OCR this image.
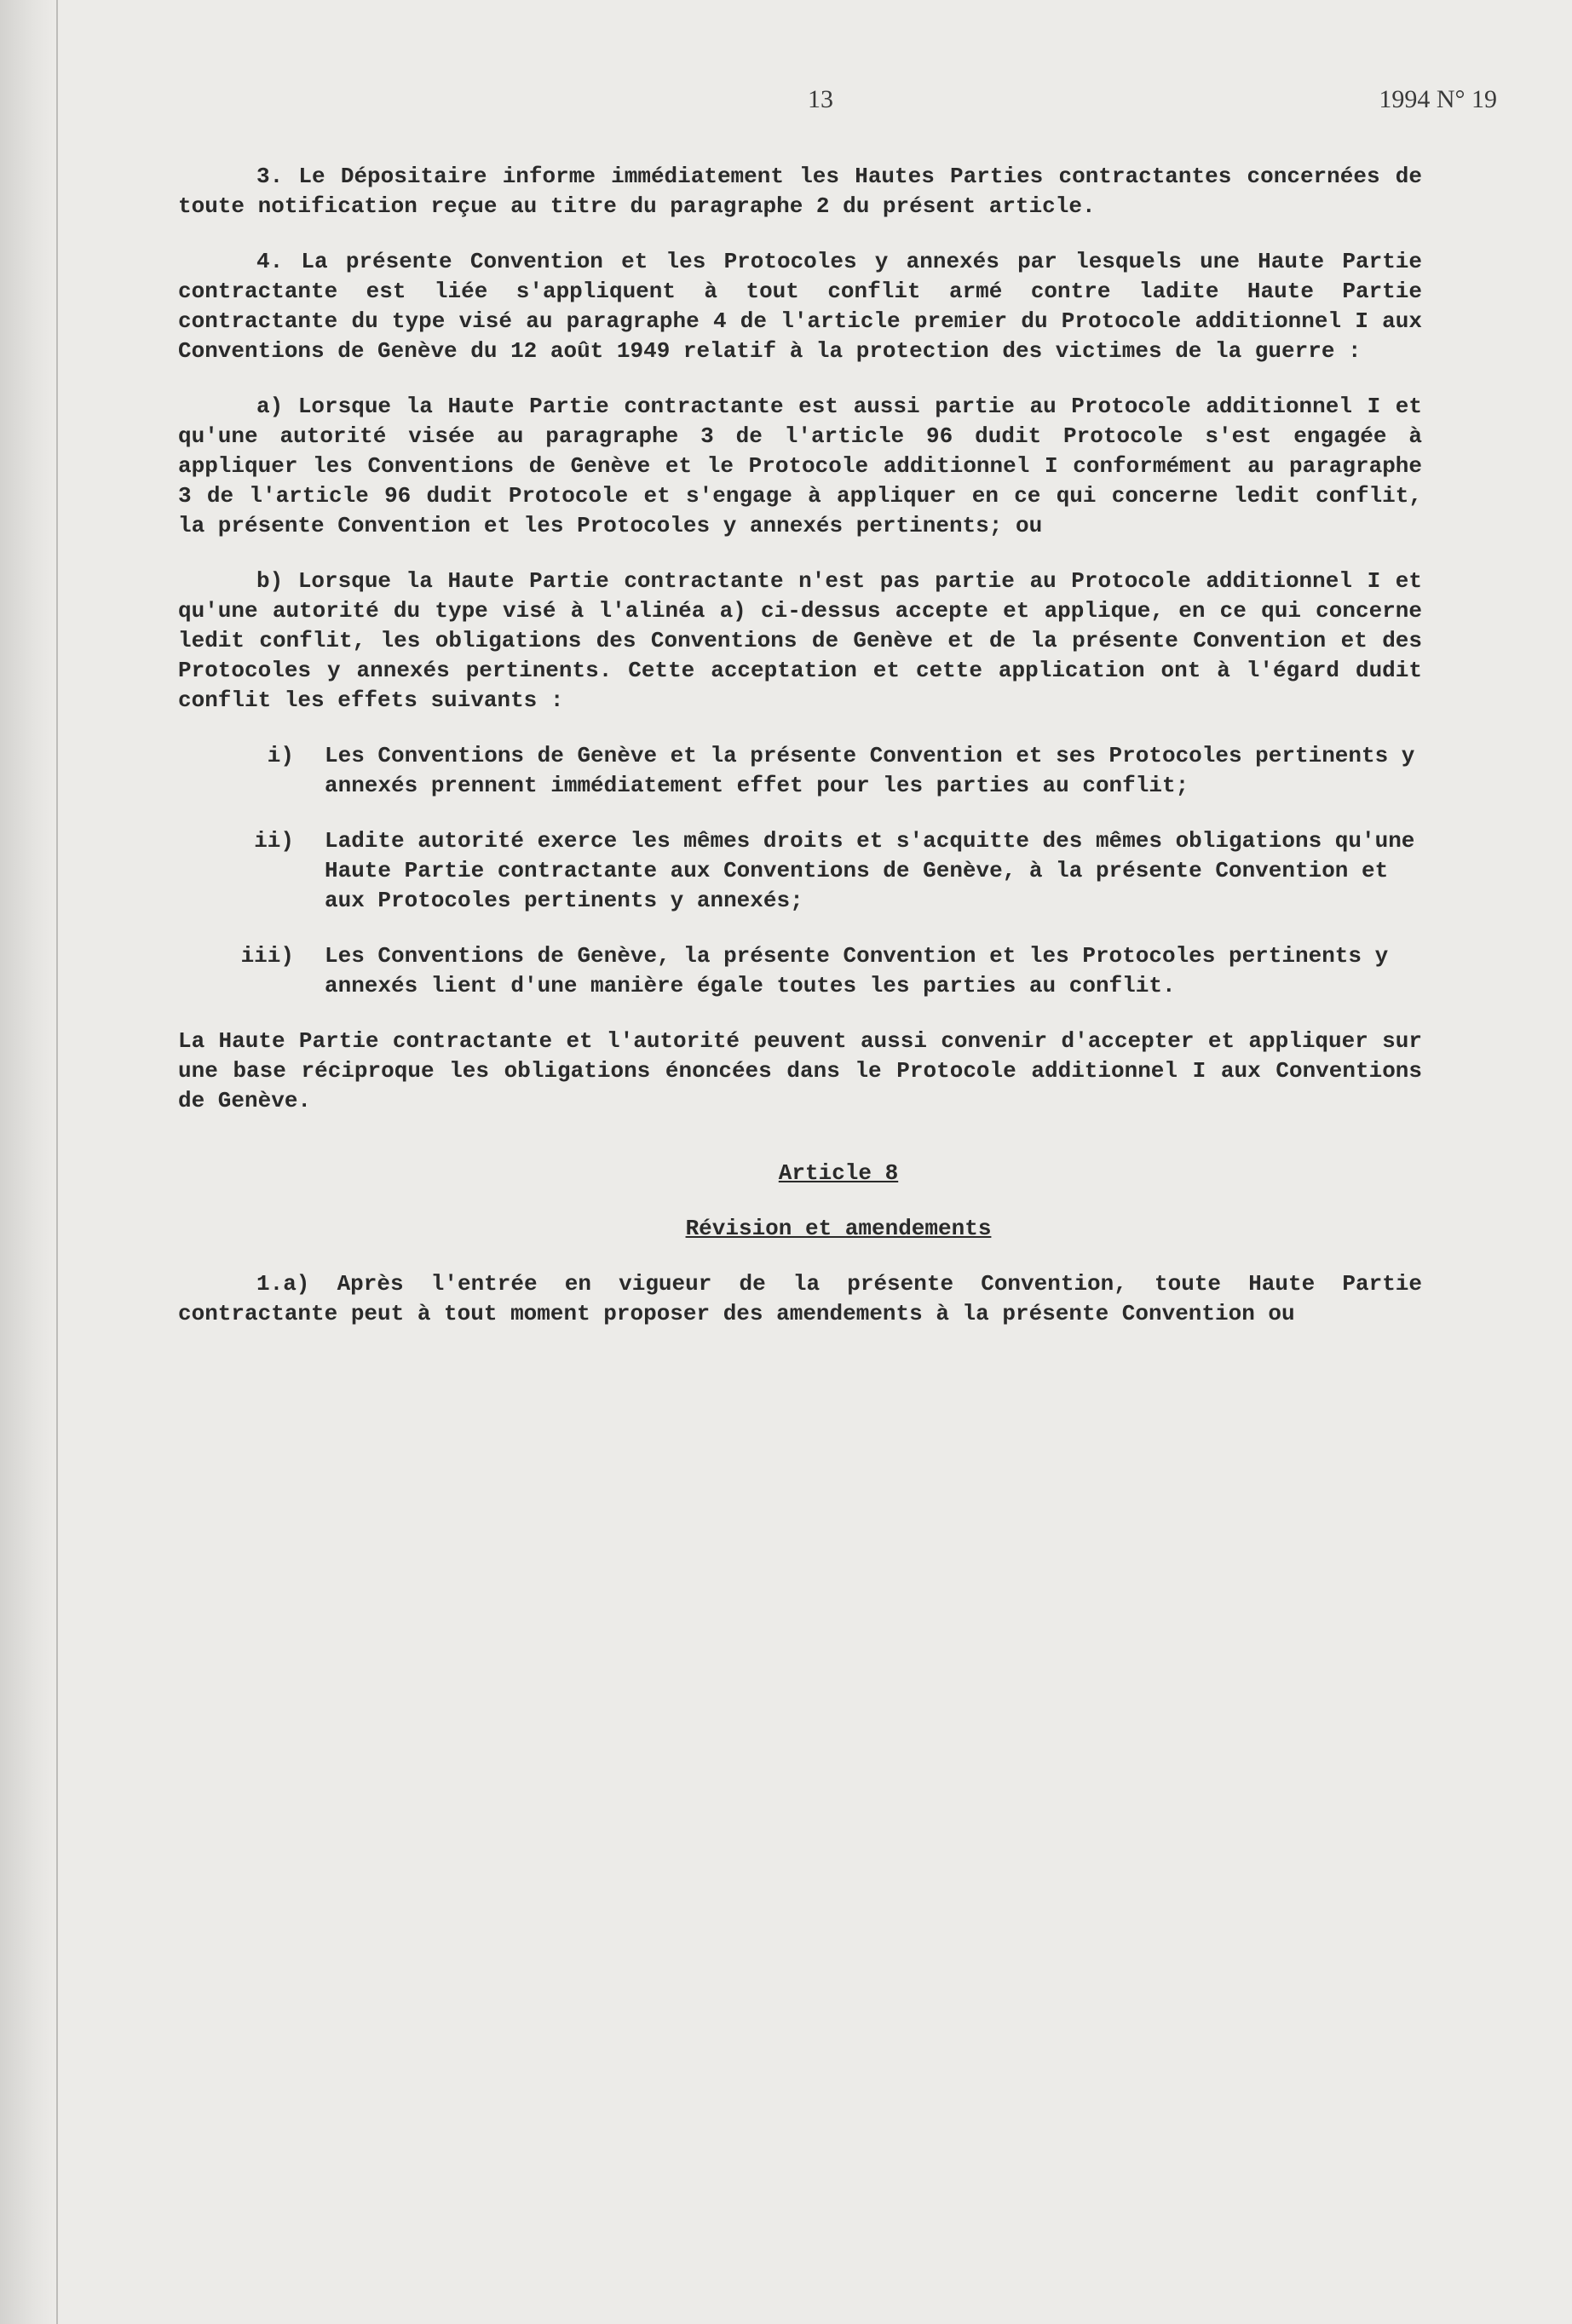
13	1994 N° 19

3. Le Dépositaire informe immédiatement les Hautes Parties contractantes concernées de toute notification reçue au titre du paragraphe 2 du présent article.

4. La présente Convention et les Protocoles y annexés par lesquels une Haute Partie contractante est liée s'appliquent à tout conflit armé contre ladite Haute Partie contractante du type visé au paragraphe 4 de l'article premier du Protocole additionnel I aux Conventions de Genève du 12 août 1949 relatif à la protection des victimes de la guerre :

a) Lorsque la Haute Partie contractante est aussi partie au Protocole additionnel I et qu'une autorité visée au paragraphe 3 de l'article 96 dudit Protocole s'est engagée à appliquer les Conventions de Genève et le Protocole additionnel I conformément au paragraphe 3 de l'article 96 dudit Protocole et s'engage à appliquer en ce qui concerne ledit conflit, la présente Convention et les Protocoles y annexés pertinents; ou

b) Lorsque la Haute Partie contractante n'est pas partie au Protocole additionnel I et qu'une autorité du type visé à l'alinéa a) ci-dessus accepte et applique, en ce qui concerne ledit conflit, les obligations des Conventions de Genève et de la présente Convention et des Protocoles y annexés pertinents. Cette acceptation et cette application ont à l'égard dudit conflit les effets suivants :

i)	Les Conventions de Genève et la présente Convention et ses Protocoles pertinents y annexés prennent immédiatement effet pour les parties au conflit;
ii)	Ladite autorité exerce les mêmes droits et s'acquitte des mêmes obligations qu'une Haute Partie contractante aux Conventions de Genève, à la présente Convention et aux Protocoles pertinents y annexés;
iii)	Les Conventions de Genève, la présente Convention et les Protocoles pertinents y annexés lient d'une manière égale toutes les parties au conflit.

La Haute Partie contractante et l'autorité peuvent aussi convenir d'accepter et appliquer sur une base réciproque les obligations énoncées dans le Protocole additionnel I aux Conventions de Genève.

Article 8

Révision et amendements

1.a) Après l'entrée en vigueur de la présente Convention, toute Haute Partie contractante peut à tout moment proposer des amendements à la présente Convention ou
